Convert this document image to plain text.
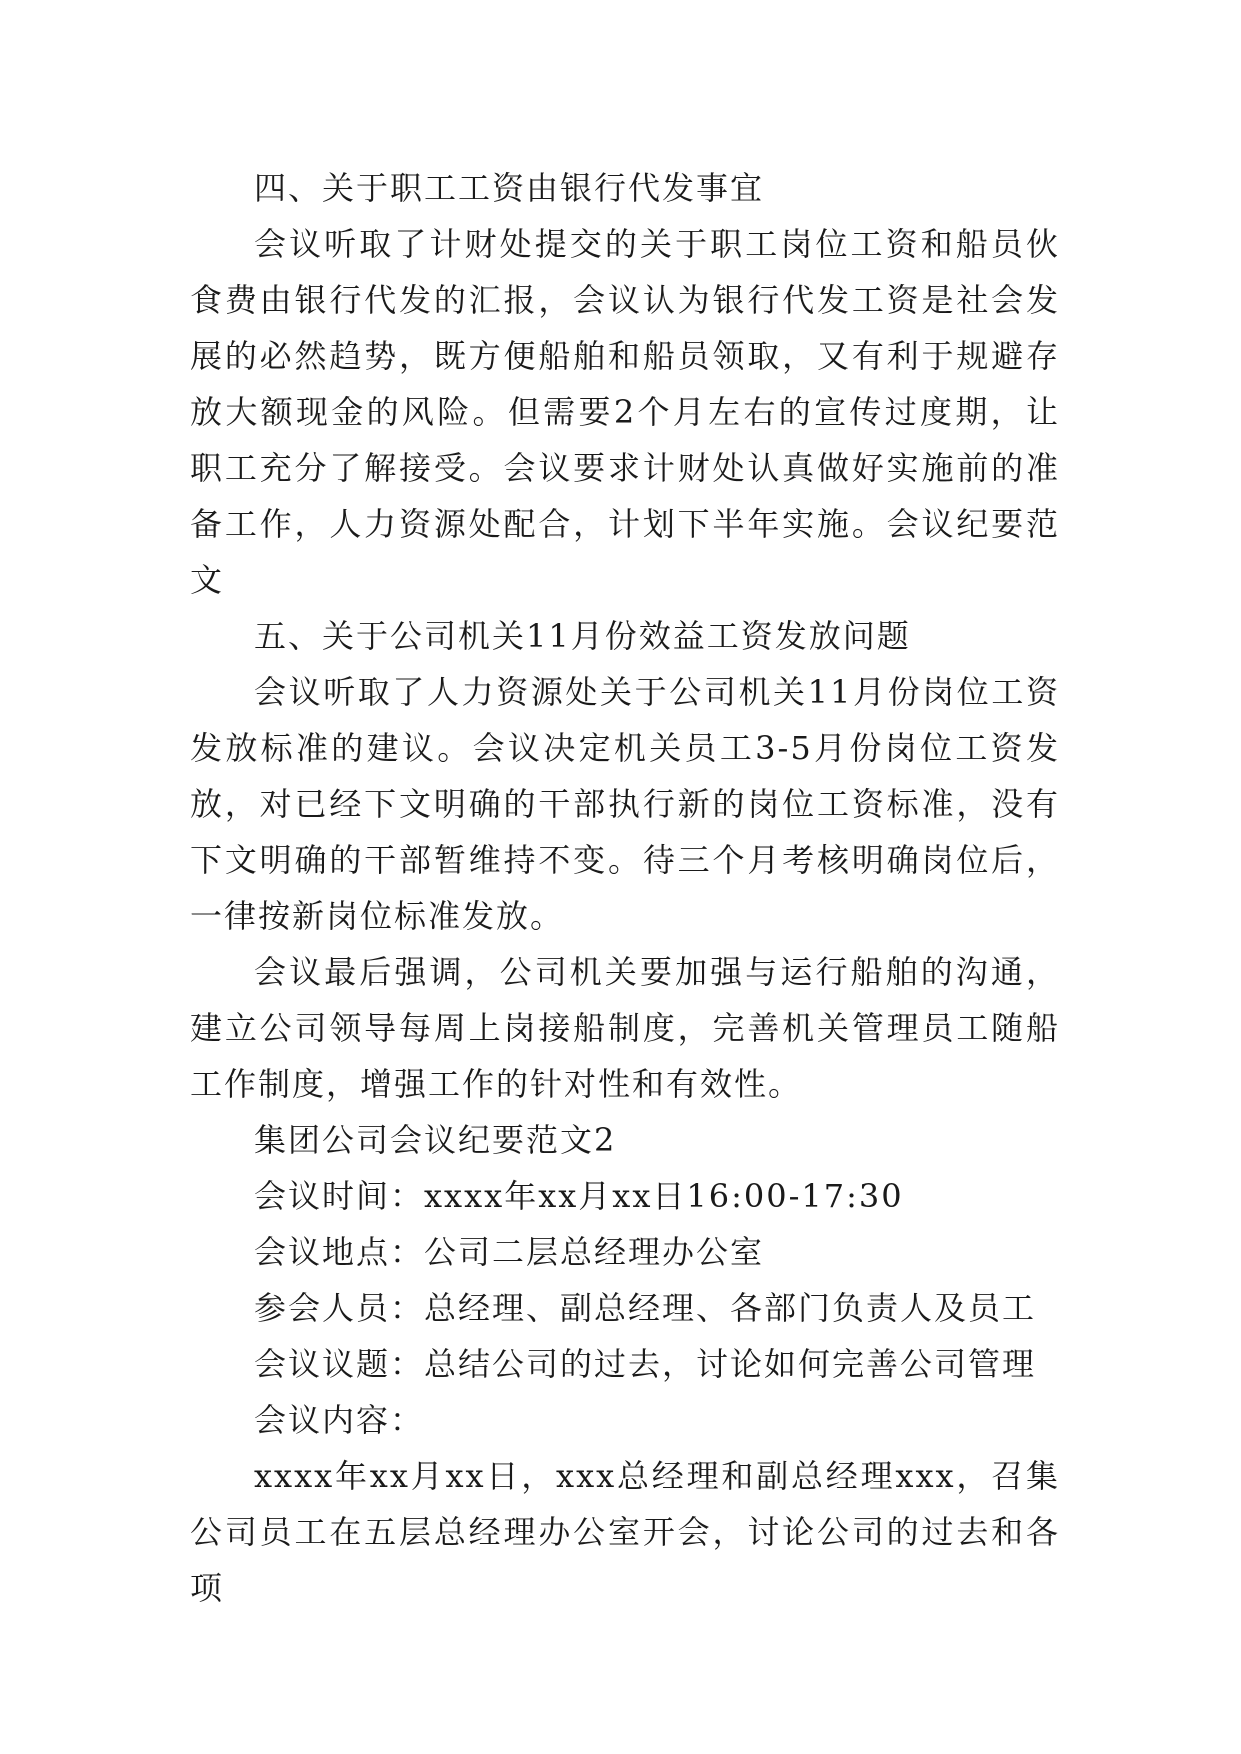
四、关于职工工资由银行代发事宜

会议听取了计财处提交的关于职工岗位工资和船员伙食费由银行代发的汇报，会议认为银行代发工资是社会发展的必然趋势，既方便船舶和船员领取，又有利于规避存放大额现金的风险。但需要2个月左右的宣传过度期，让职工充分了解接受。会议要求计财处认真做好实施前的准备工作，人力资源处配合，计划下半年实施。会议纪要范文

五、关于公司机关11月份效益工资发放问题

会议听取了人力资源处关于公司机关11月份岗位工资发放标准的建议。会议决定机关员工3-5月份岗位工资发放，对已经下文明确的干部执行新的岗位工资标准，没有下文明确的干部暂维持不变。待三个月考核明确岗位后，一律按新岗位标准发放。

会议最后强调，公司机关要加强与运行船舶的沟通，建立公司领导每周上岗接船制度，完善机关管理员工随船工作制度，增强工作的针对性和有效性。

集团公司会议纪要范文2

会议时间：xxxx年xx月xx日16:00-17:30

会议地点：公司二层总经理办公室

参会人员：总经理、副总经理、各部门负责人及员工

会议议题：总结公司的过去，讨论如何完善公司管理

会议内容：

xxxx年xx月xx日，xxx总经理和副总经理xxx，召集公司员工在五层总经理办公室开会，讨论公司的过去和各项
